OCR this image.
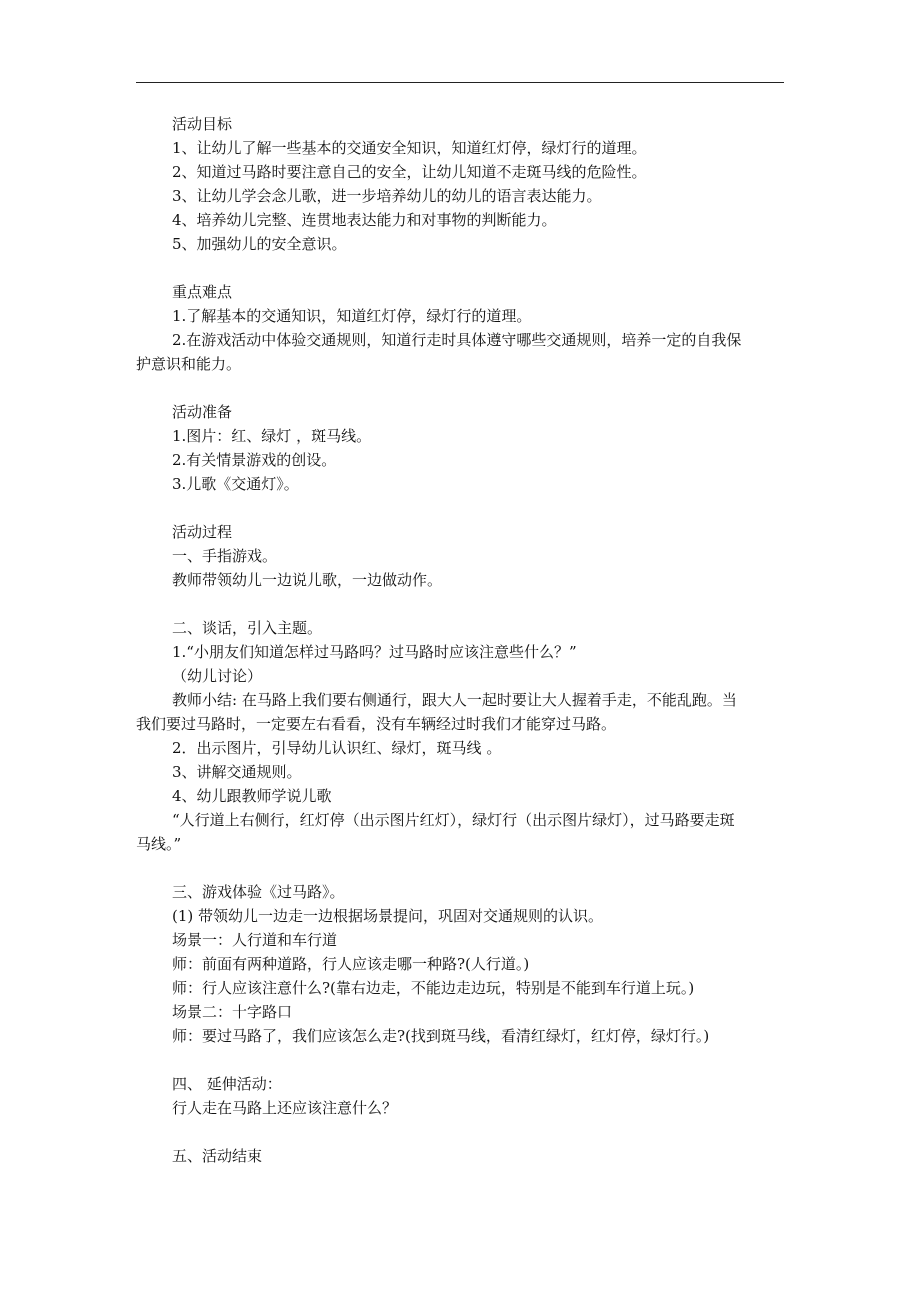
活动目标
1、让幼儿了解一些基本的交通安全知识，知道红灯停，绿灯行的道理。
2、知道过马路时要注意自己的安全，让幼儿知道不走斑马线的危险性。
3、让幼儿学会念儿歌，进一步培养幼儿的幼儿的语言表达能力。
4、培养幼儿完整、连贯地表达能力和对事物的判断能力。
5、加强幼儿的安全意识。
重点难点
1.了解基本的交通知识，知道红灯停，绿灯行的道理。
2.在游戏活动中体验交通规则，知道行走时具体遵守哪些交通规则，培养一定的自我保
护意识和能力。
活动准备
1.图片：红、绿灯 ，斑马线。
2.有关情景游戏的创设。
3.儿歌《交通灯》。
活动过程
一、手指游戏。
教师带领幼儿一边说儿歌，一边做动作。
二、谈话，引入主题。
1.“小朋友们知道怎样过马路吗？过马路时应该注意些什么？”
（幼儿讨论）
教师小结: 在马路上我们要右侧通行，跟大人一起时要让大人握着手走，不能乱跑。当
我们要过马路时，一定要左右看看，没有车辆经过时我们才能穿过马路。
2．出示图片，引导幼儿认识红、绿灯，斑马线 。
3、讲解交通规则。
4、幼儿跟教师学说儿歌
“人行道上右侧行，红灯停（出示图片红灯），绿灯行（出示图片绿灯），过马路要走斑
马线。”
三、游戏体验《过马路》。
(1) 带领幼儿一边走一边根据场景提问，巩固对交通规则的认识。
场景一：人行道和车行道
师：前面有两种道路，行人应该走哪一种路?(人行道。)
师：行人应该注意什么?(靠右边走，不能边走边玩，特别是不能到车行道上玩。)
场景二：十字路口
师：要过马路了，我们应该怎么走?(找到斑马线，看清红绿灯，红灯停，绿灯行。)
四、 延伸活动：
行人走在马路上还应该注意什么？
五、活动结束
